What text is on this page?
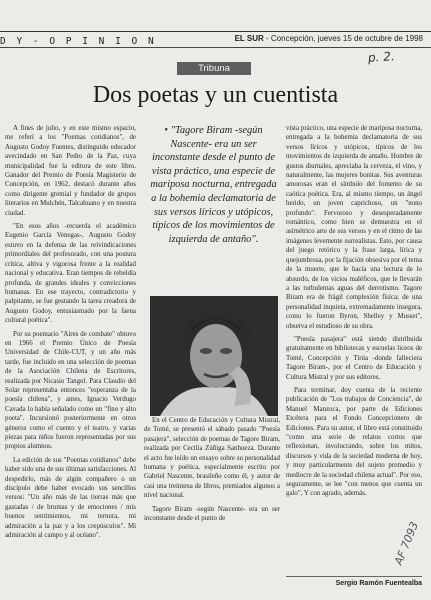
D Y - O P I N I O N	EL SUR - Concepción, jueves 15 de octubre de 1998
p. 2.
Tribuna
Dos poetas y un cuentista

A fines de julio, y en este mismo espacio, me referí a los "Poemas cotidianos", de Augusto Godoy Fuentes, distinguido educador avecindado en San Pedro de la Paz, cuya municipalidad fue la editora de este libro. Ganador del Premio de Poesía Magisterio de Concepción, en 1962, destacó durante años como dirigente gremial y fundador de grupos literarios en Mulchén, Talcahuano y en nuestra ciudad.

"En esos años -recuerda el académico Eugenio García Venegas-, Augusto Godoy estuvo en la defensa de las reivindicaciones primordiales del profesorado, con una postura crítica, altiva y vigorosa frente a la realidad nacional y educativa. Eran tiempos de rebeldía profunda, de grandes ideales y convicciones humanas. En ese trayecto, contradictorio y palpitante, se fue gestando la tarea creadora de Augusto Godoy, entusiasmado por la faena cultural poética".

Por su poemario "Aires de combate" obtuvo en 1966 el Premio Único de Poesía Universidad de Chile-CUT, y un año más tarde, fue incluido en una selección de poemas de la Asociación Chilena de Escritores, realizada por Nicasio Tangol. Para Claudio del Solar representaba entonces "esperanza de la poesía chilena", y antes, Ignacio Verdugo Cavada lo había señalado como un "fino y alto poeta". Incursionó posteriormente en otros géneros como el cuento y el teatro, y varias piezas para niños fueron representadas por sus propios alumnos.

La edición de sus "Poemas cotidianos" debe haber sido una de sus últimas satisfacciones. Al despedirlo, más de algún compañero o un discípulo debe haber evocado sus sencillos versos: "Un año más de las tierras más que gastadas / de brumas y de emociones / mis buenos sentimientos, mi ternura, mi admiración a la paz y a los crepúsculos". Mi admiración al campo y al océano".

• "Tagore Biram -según Nascente- era un ser inconstante desde el punto de vista práctico, una especie de mariposa nocturna, entregada a la bohemia declamatoria de sus versos líricos y utópicos, típicos de los movimientos de izquierda de antaño".

En el Centro de Educación y Cultura Mistral, de Tomé, se presentó el sábado pasado "Poesía pasajera", selección de poemas de Tagore Biram, realizada por Cecilia Zúñiga Sanhueza. Durante el acto fue leído un ensayo sobre su personalidad humana y poética, especialmente escrito por Gabriel Nascente, brasileño como él, y autor de casi una treintena de libros, premiados algunos a nivel nacional.

Tagore Biram -según Nascente- era un ser inconstante desde el punto de

vista práctico, una especie de mariposa nocturna, entregada a la bohemia declamatoria de sus versos líricos y utópicos, típicos de los movimientos de izquierda de antaño. Hombre de gustos diurnales, apreciaba la cerveza, el vino, y naturalmente, las mujeres bonitas. Sus aventuras amorosas eran el símbolo del fomento de su caótica poética. Era, al mismo tiempo, un ángel herido, un joven caprichoso, un "nono profundo". Fervoroso y desesperadamente romántico, como bien se demuestra en el asimétrico arte de sus versos y en el ritmo de las imágenes levemente surrealistas. Esto, por causa del juego retórico y la frase larga, lírica y quejumbrosa, por la fijación obsesiva por el tema de la muerte, que le hacía una lectura de lo absurdo, de los vicios maléficos, que le llevarán a las turbulentas aguas del derrotismo. Tagore Biram era de frágil complexión física; de una personalidad inquieta, extremadamente insegura, como lo fueron Byron, Shelley y Musset", observa el estudioso de su obra.

"Poesía pasajera" está siendo distribuida gratuitamente en bibliotecas y escuelas liceos de Tomé, Concepción y Tirúa -donde falleciera Tagore Biram-, por el Centro de Educación y Cultura Mistral y por sus editores.

Para terminar, doy cuenta de la reciente publicación de "Los trabajos de Conciencia", de Manuel Manzoca, por parte de Ediciones Etcétera para el Fondo Concepcionero de Ediciones. Para su autor, el libro está constituido "como una serie de relatos cortos que reflexionan, involucrando, sobre los mitos, discursos y vida de la sociedad moderna de hoy, y muy particularmente del sujeto promedio y mediocre de la sociedad chilena actual". Por eso, seguramente, se lee "con menos que cuenta un galo", Y con agrado, además.

Sergio Ramón Fuentealba
AF 7093
